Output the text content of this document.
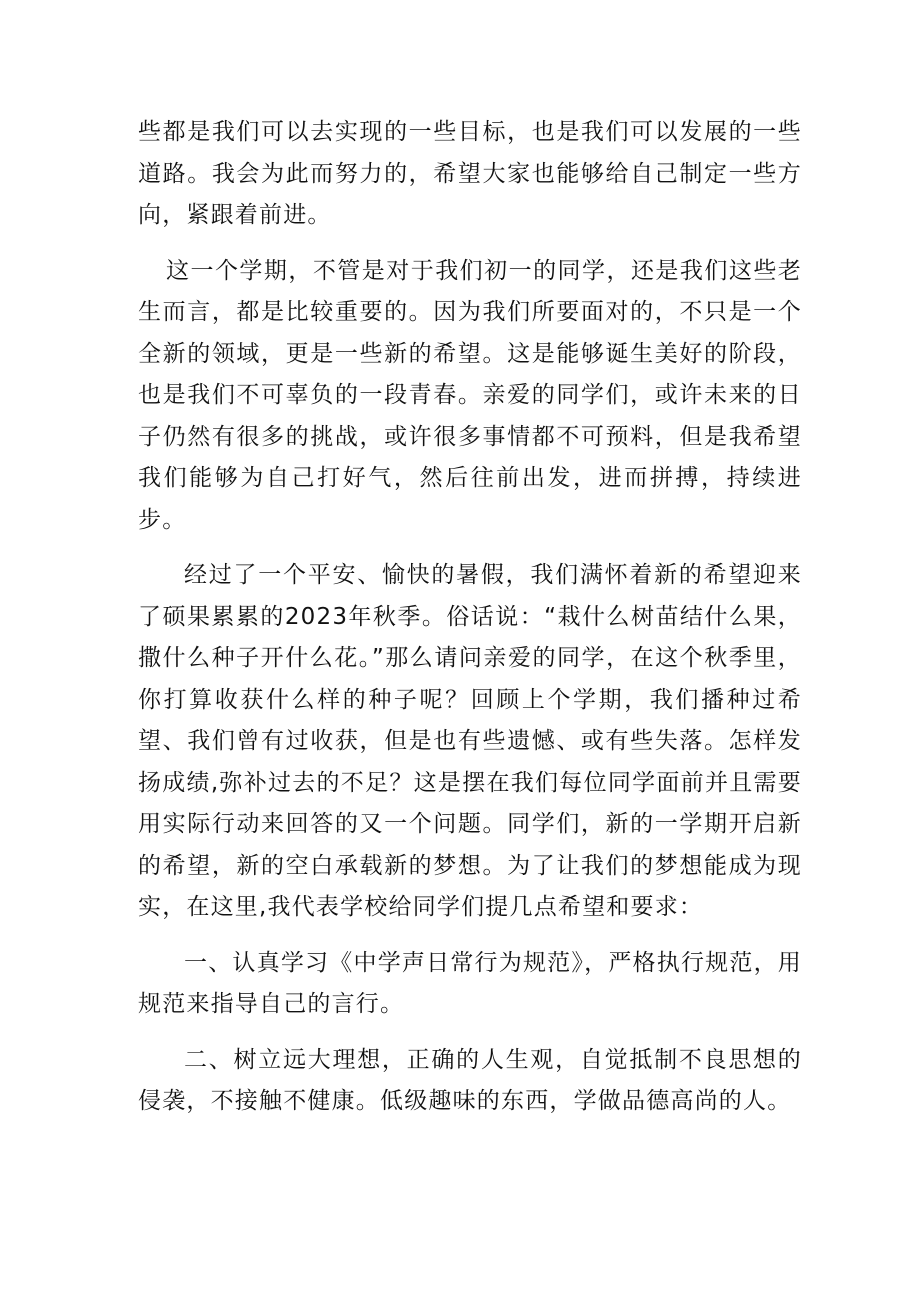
些都是我们可以去实现的一些目标，也是我们可以发展的一些道路。我会为此而努力的，希望大家也能够给自己制定一些方向，紧跟着前进。

这一个学期，不管是对于我们初一的同学，还是我们这些老生而言，都是比较重要的。因为我们所要面对的，不只是一个全新的领域，更是一些新的希望。这是能够诞生美好的阶段，也是我们不可辜负的一段青春。亲爱的同学们，或许未来的日子仍然有很多的挑战，或许很多事情都不可预料，但是我希望我们能够为自己打好气，然后往前出发，进而拼搏，持续进步。

经过了一个平安、愉快的暑假，我们满怀着新的希望迎来了硕果累累的2023年秋季。俗话说：“栽什么树苗结什么果，撒什么种子开什么花。”那么请问亲爱的同学，在这个秋季里，你打算收获什么样的种子呢？回顾上个学期，我们播种过希望、我们曾有过收获，但是也有些遗憾、或有些失落。怎样发扬成绩,弥补过去的不足？这是摆在我们每位同学面前并且需要用实际行动来回答的又一个问题。同学们，新的一学期开启新的希望，新的空白承载新的梦想。为了让我们的梦想能成为现实，在这里,我代表学校给同学们提几点希望和要求：

一、认真学习《中学声日常行为规范》，严格执行规范，用规范来指导自己的言行。

二、树立远大理想，正确的人生观，自觉抵制不良思想的侵袭，不接触不健康。低级趣味的东西，学做品德高尚的人。
